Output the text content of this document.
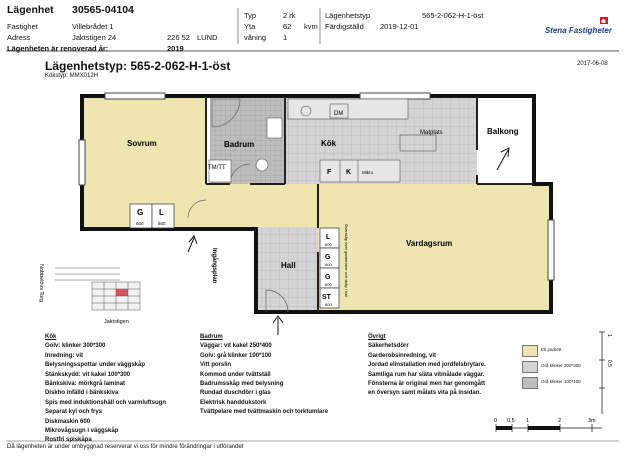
Lägenhet 30565-04104
Fastighet	Villebrådet 1
Adress	Jaktstigen 24	226 52 LUND
Lägenheten är renoverad år:	2019
Typ	2 rk
Yta	62 kvm
våning 1
Lägenhetstyp	565-2-062-H-1-öst
Färdigställd 2019-12-01	Stena Fastigheter
Lägenhetstyp: 565-2-062-H-1-öst
Kökstyp: MMX012H
2017-06-08
Sovrum	Badrum	Kök
Balkong
Vardagsrum
Hall
Matplats
TM/TT
DM
F K Mikro
G L
600	600
L
600
G
600
G
600
ST
600
Överskåp över garderober och skåp i hall
Ingångsplan
Nobbelövs Torg
Jaktstigen
Kök
Golv: klinker 300*300
Inredning: vit
Belysningsspottar under väggskåp
Stänkskydd: vit kakel 100*300
Bänkskiva: mörkgrå laminat
Diskho infälld i bänkskiva
Spis med induktionshäll och varmluftsugn
Separat kyl och frys
Diskmaskin 600
Mikrovågsugn i väggskåp
Rostfri spiskåpa
Badrum
Väggar: vit kakel 250*400
Golv: grå klinker 100*100
Vitt porslin
Kommod under tvättställ
Badrumsskåp med belysning
Rundad duschdörr i glas
Elektrisk handdukstork
Tvättpelare med tvättmaskin och torktumlare
Övrigt
Säkerhetsdörr
Garderobsinredning, vit
Jordad elinstallation med jordfelsbrytare.
Samtliga rum har släta vitmålade väggar.
Fönsterna är original men har genomgått
en översyn samt målats vita på insidan.
Ek parkett
Grå klinker 300*300
Grå klinker 100*100
0,5
1
0 0,5 1	2	3m
Då lägenheten är under ombyggnad reserverar vi oss för mindre förändringar i utförandet
